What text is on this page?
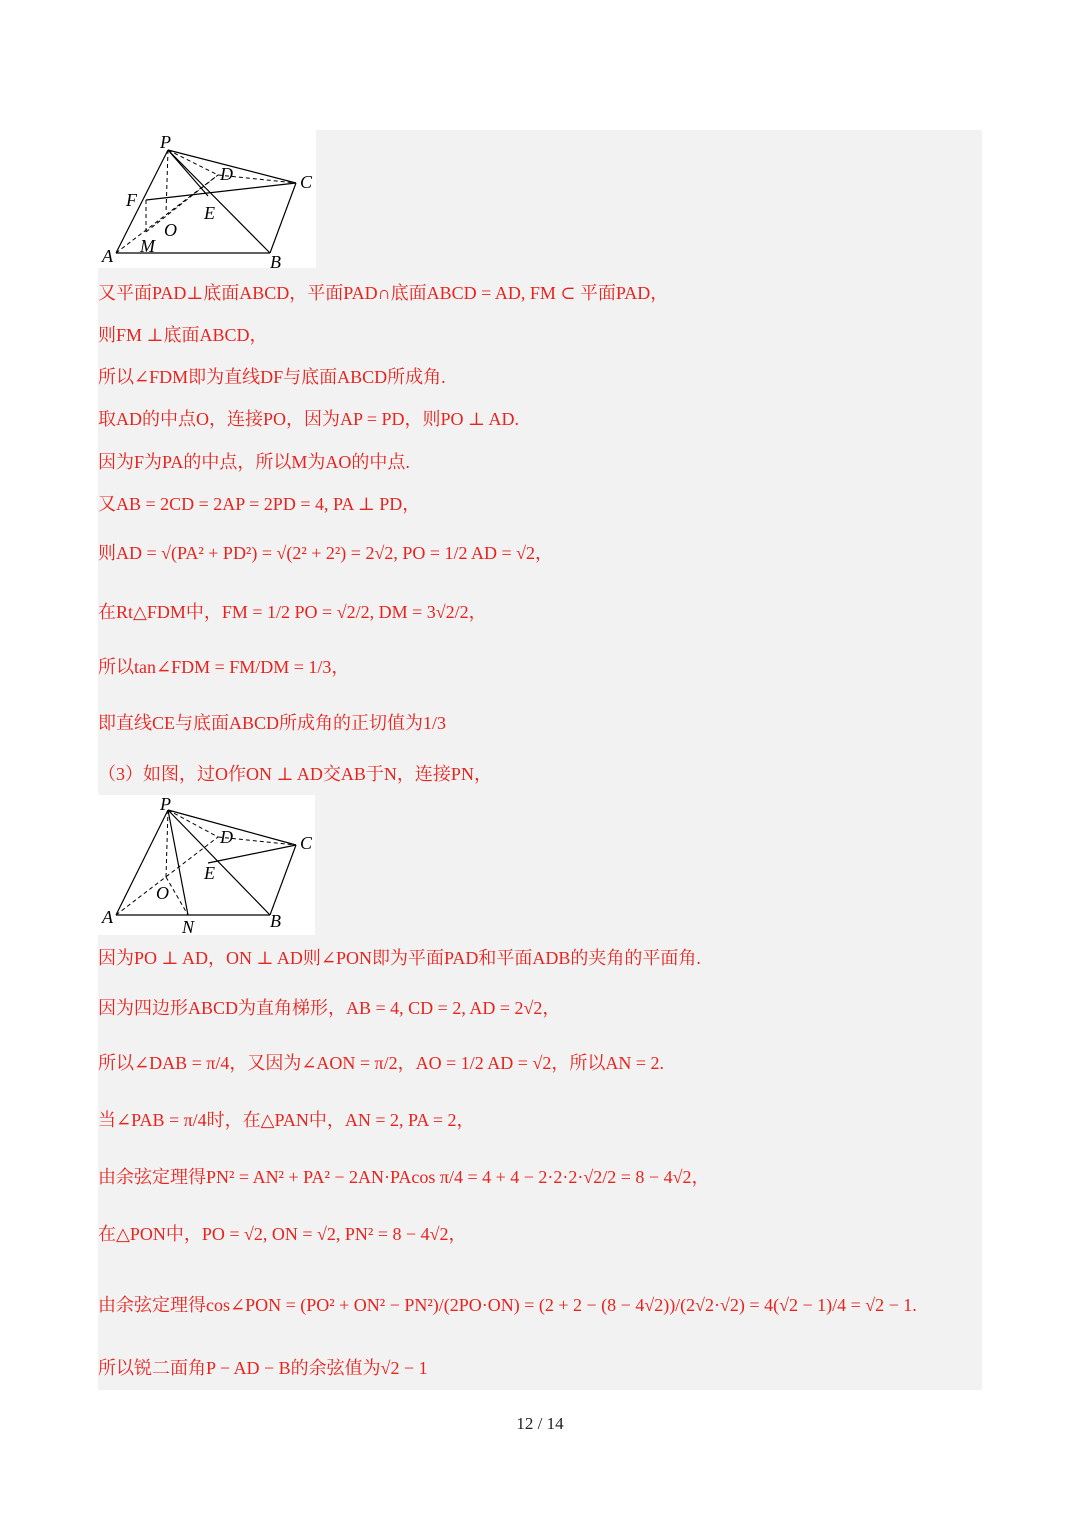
P
D	C
F
E
O
A M
B
又平面PAD⊥底面ABCD，平面PAD∩底面ABCD = AD, FM ⊂ 平面PAD，
则FM ⊥底面ABCD，
所以∠FDM即为直线DF与底面ABCD所成角.
取AD的中点O，连接PO，因为AP = PD，则PO ⊥ AD.
因为F为PA的中点，所以M为AO的中点.
又AB = 2CD = 2AP = 2PD = 4, PA ⊥ PD，
则AD = √(PA² + PD²) = √(2² + 2²) = 2√2, PO = 1/2 AD = √2，
在Rt△FDM中，FM = 1/2 PO = √2/2, DM = 3√2/2，
所以tan∠FDM = FM/DM = 1/3，
即直线CE与底面ABCD所成角的正切值为1/3
（3）如图，过O作ON ⊥ AD交AB于N，连接PN，
P
D	C
E
O
A	N	B
因为PO ⊥ AD，ON ⊥ AD则∠PON即为平面PAD和平面ADB的夹角的平面角.
因为四边形ABCD为直角梯形，AB = 4, CD = 2, AD = 2√2，
所以∠DAB = π/4，又因为∠AON = π/2，AO = 1/2 AD = √2，所以AN = 2.
当∠PAB = π/4时，在△PAN中，AN = 2, PA = 2，
由余弦定理得PN² = AN² + PA² − 2AN·PAcos π/4 = 4 + 4 − 2·2·2·√2/2 = 8 − 4√2，
在△PON中，PO = √2, ON = √2, PN² = 8 − 4√2，
由余弦定理得cos∠PON = (PO² + ON² − PN²)/(2PO·ON) = (2 + 2 − (8 − 4√2))/(2√2·√2) = 4(√2 − 1)/4 = √2 − 1.
所以锐二面角P − AD − B的余弦值为√2 − 1
12 / 14
